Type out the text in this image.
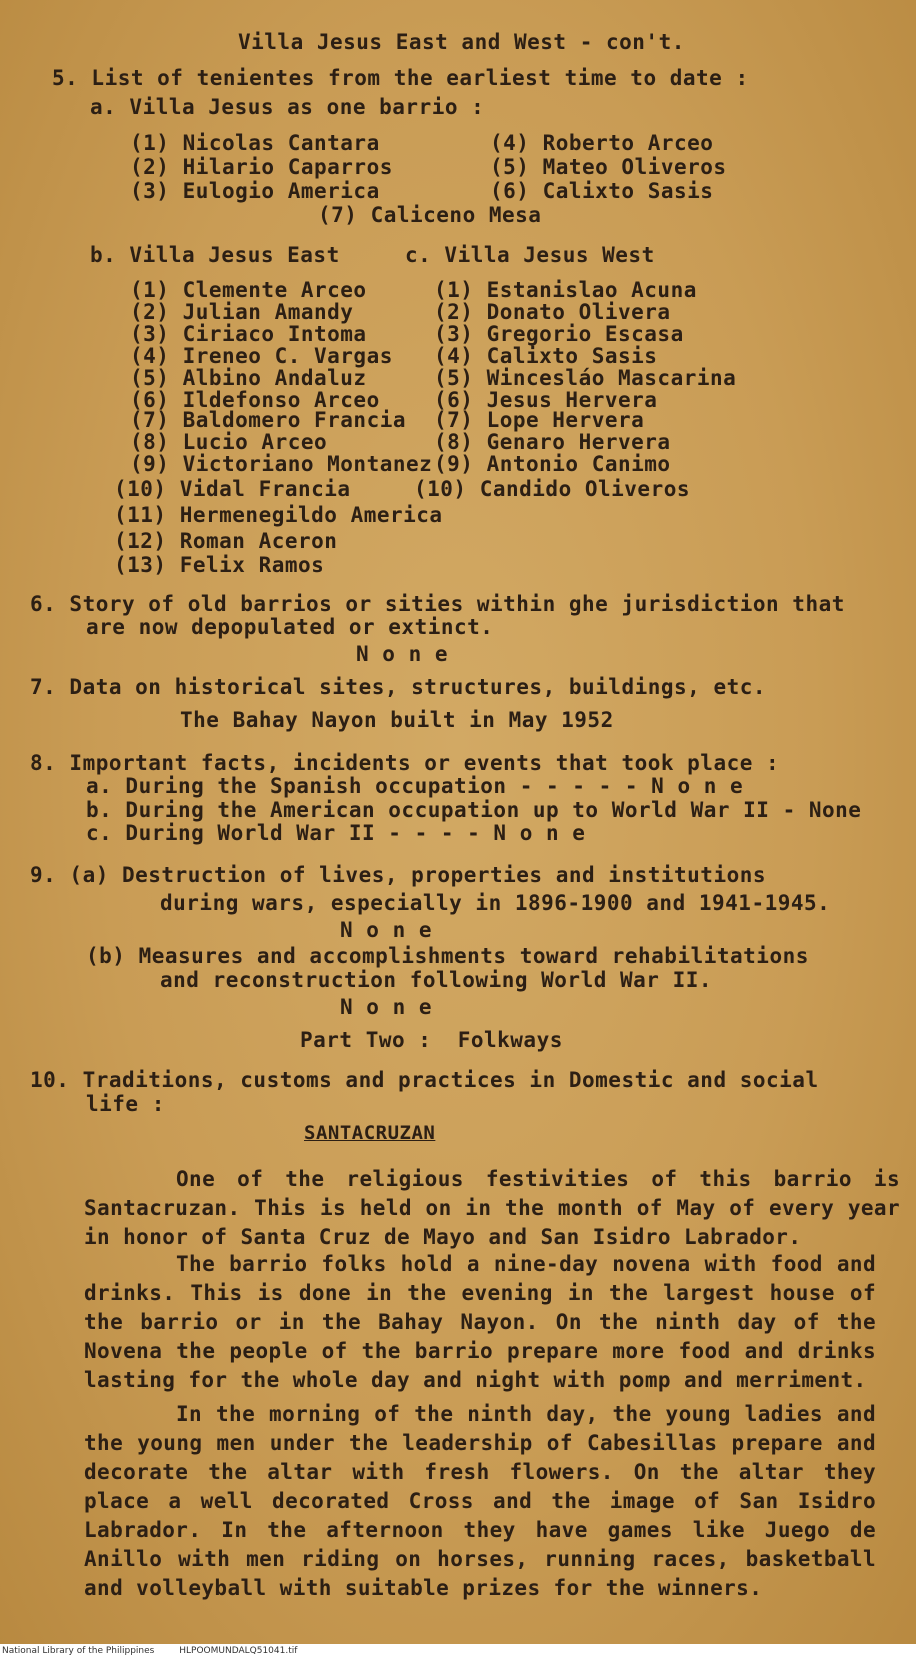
Villa Jesus East and West - con't.
5. List of tenientes from the earliest time to date :
a. Villa Jesus as one barrio :
(1) Nicolas Cantara
(2) Hilario Caparros
(3) Eulogio America
(4) Roberto Arceo
(5) Mateo Oliveros
(6) Calixto Sasis
(7) Caliceno Mesa
b. Villa Jesus East	c. Villa Jesus West
(1) Clemente Arceo
(2) Julian Amandy
(3) Ciriaco Intoma
(4) Ireneo C. Vargas
(5) Albino Andaluz
(6) Ildefonso Arceo
(7) Baldomero Francia
(8) Lucio Arceo
(9) Victoriano Montanez
(10) Vidal Francia
(11) Hermenegildo America
(12) Roman Aceron
(13) Felix Ramos
(1) Estanislao Acuna
(2) Donato Olivera
(3) Gregorio Escasa
(4) Calixto Sasis
(5) Wincesláo Mascarina
(6) Jesus Hervera
(7) Lope Hervera
(8) Genaro Hervera
(9) Antonio Canimo
(10) Candido Oliveros
6. Story of old barrios or sities within ghe jurisdiction that
are now depopulated or extinct.
N o n e
7. Data on historical sites, structures, buildings, etc.
The Bahay Nayon built in May 1952
8. Important facts, incidents or events that took place :
a. During the Spanish occupation - - - - - N o n e
b. During the American occupation up to World War II - None
c. During World War II - - - - N o n e
9. (a) Destruction of lives, properties and institutions
during wars, especially in 1896-1900 and 1941-1945.
N o n e
(b) Measures and accomplishments toward rehabilitations
and reconstruction following World War II.
N o n e
Part Two :  Folkways
10. Traditions, customs and practices in Domestic and social
life :
SANTACRUZAN
One of the religious festivities of this barrio is Santacruzan. This is held on in the month of May of every year in honor of Santa Cruz de Mayo and San Isidro Labrador.
The barrio folks hold a nine-day novena with food and drinks. This is done in the evening in the largest house of the barrio or in the Bahay Nayon. On the ninth day of the Novena the people of the barrio prepare more food and drinks lasting for the whole day and night with pomp and merriment.
In the morning of the ninth day, the young ladies and the young men under the leadership of Cabesillas prepare and decorate the altar with fresh flowers. On the altar they place a well decorated Cross and the image of San Isidro Labrador. In the afternoon they have games like Juego de Anillo with men riding on horses, running races, basketball and volleyball with suitable prizes for the winners.
National Library of the Philippines	HLPOOMUNDALQ51041.tif
